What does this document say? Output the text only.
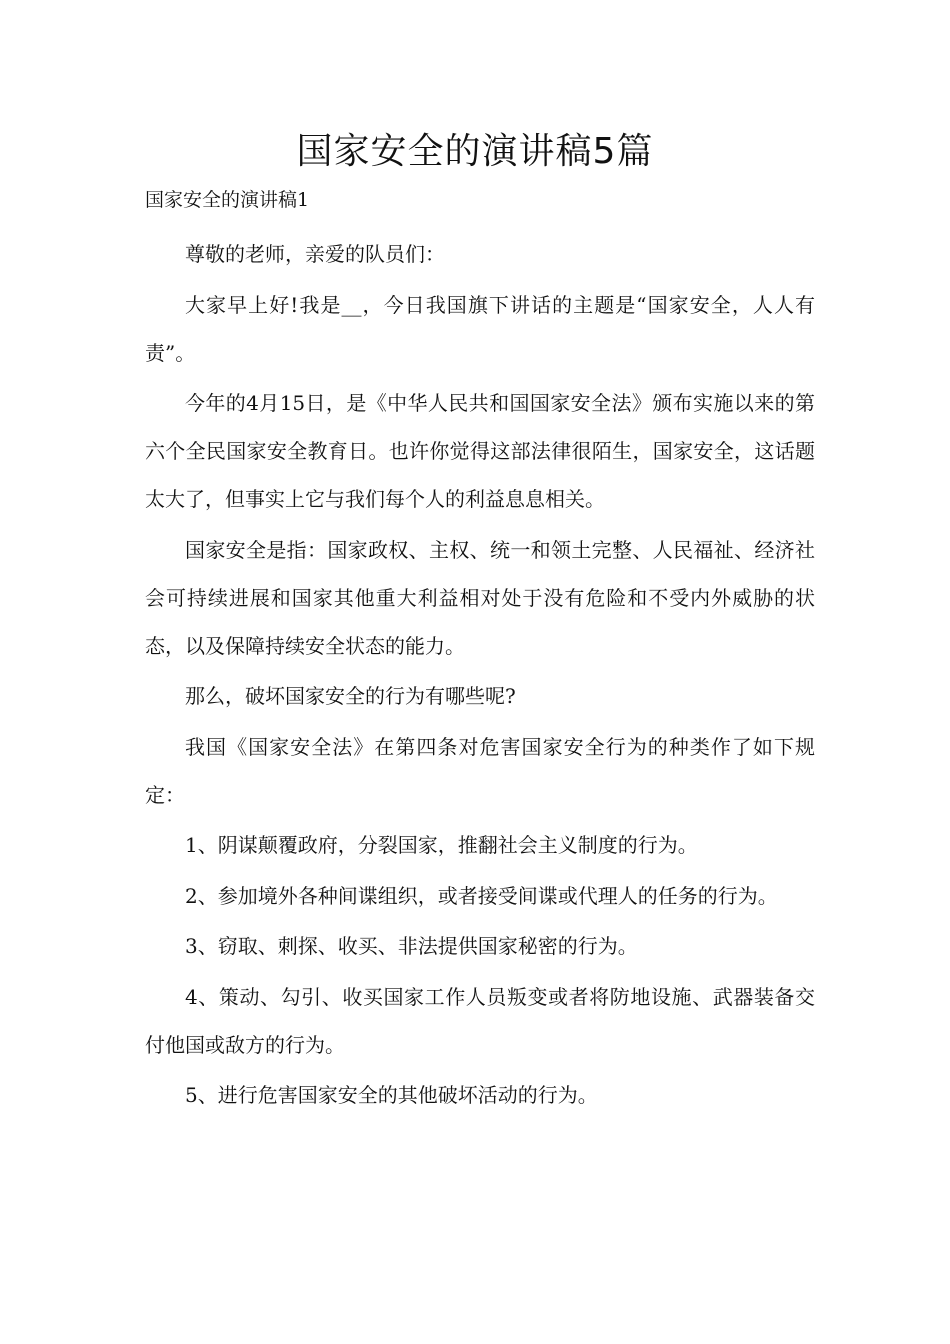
国家安全的演讲稿5篇
国家安全的演讲稿1

尊敬的老师，亲爱的队员们：

大家早上好!我是__，今日我国旗下讲话的主题是“国家安全，人人有责”。

今年的4月15日，是《中华人民共和国国家安全法》颁布实施以来的第六个全民国家安全教育日。也许你觉得这部法律很陌生，国家安全，这话题太大了，但事实上它与我们每个人的利益息息相关。

国家安全是指：国家政权、主权、统一和领土完整、人民福祉、经济社会可持续进展和国家其他重大利益相对处于没有危险和不受内外威胁的状态，以及保障持续安全状态的能力。

那么，破坏国家安全的行为有哪些呢?

我国《国家安全法》在第四条对危害国家安全行为的种类作了如下规定：

1、阴谋颠覆政府，分裂国家，推翻社会主义制度的行为。

2、参加境外各种间谍组织，或者接受间谍或代理人的任务的行为。

3、窃取、刺探、收买、非法提供国家秘密的行为。

4、策动、勾引、收买国家工作人员叛变或者将防地设施、武器装备交付他国或敌方的行为。

5、进行危害国家安全的其他破坏活动的行为。
